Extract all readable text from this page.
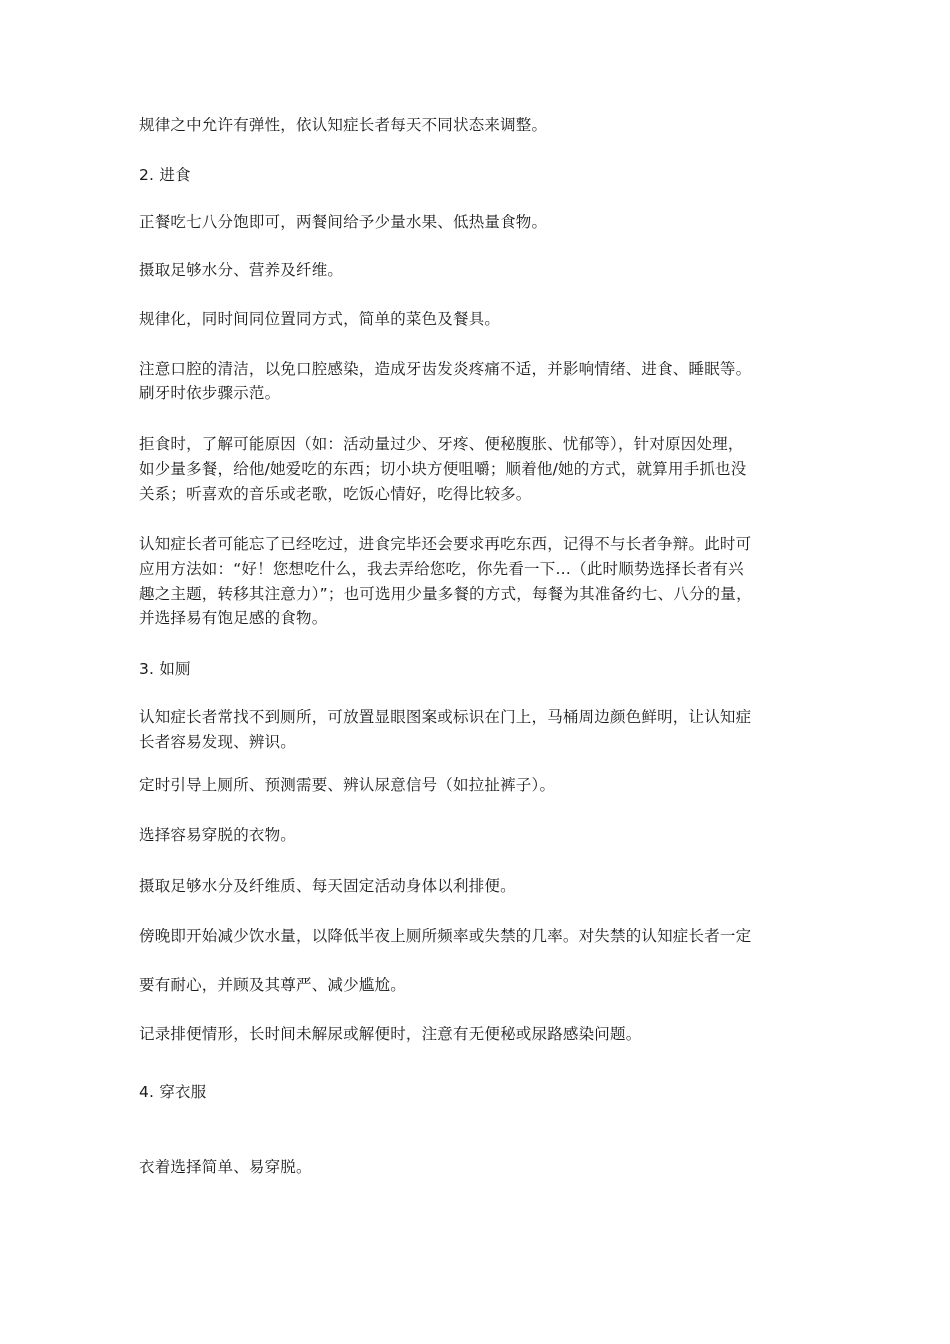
规律之中允许有弹性，依认知症长者每天不同状态来调整。
2. 进食
正餐吃七八分饱即可，两餐间给予少量水果、低热量食物。
摄取足够水分、营养及纤维。
规律化，同时间同位置同方式，简单的菜色及餐具。
注意口腔的清洁，以免口腔感染，造成牙齿发炎疼痛不适，并影响情绪、进食、睡眠等。
刷牙时依步骤示范。
拒食时，了解可能原因（如：活动量过少、牙疼、便秘腹胀、忧郁等），针对原因处理，
如少量多餐，给他/她爱吃的东西；切小块方便咀嚼；顺着他/她的方式，就算用手抓也没
关系；听喜欢的音乐或老歌，吃饭心情好，吃得比较多。
认知症长者可能忘了已经吃过，进食完毕还会要求再吃东西，记得不与长者争辩。此时可
应用方法如：“好！您想吃什么，我去弄给您吃，你先看一下…（此时顺势选择长者有兴
趣之主题，转移其注意力）”；也可选用少量多餐的方式，每餐为其准备约七、八分的量，
并选择易有饱足感的食物。
3. 如厕
认知症长者常找不到厕所，可放置显眼图案或标识在门上，马桶周边颜色鲜明，让认知症
长者容易发现、辨识。
定时引导上厕所、预测需要、辨认尿意信号（如拉扯裤子）。
选择容易穿脱的衣物。
摄取足够水分及纤维质、每天固定活动身体以利排便。
傍晚即开始减少饮水量，以降低半夜上厕所频率或失禁的几率。对失禁的认知症长者一定
要有耐心，并顾及其尊严、减少尴尬。
记录排便情形，长时间未解尿或解便时，注意有无便秘或尿路感染问题。
4. 穿衣服
衣着选择简单、易穿脱。
